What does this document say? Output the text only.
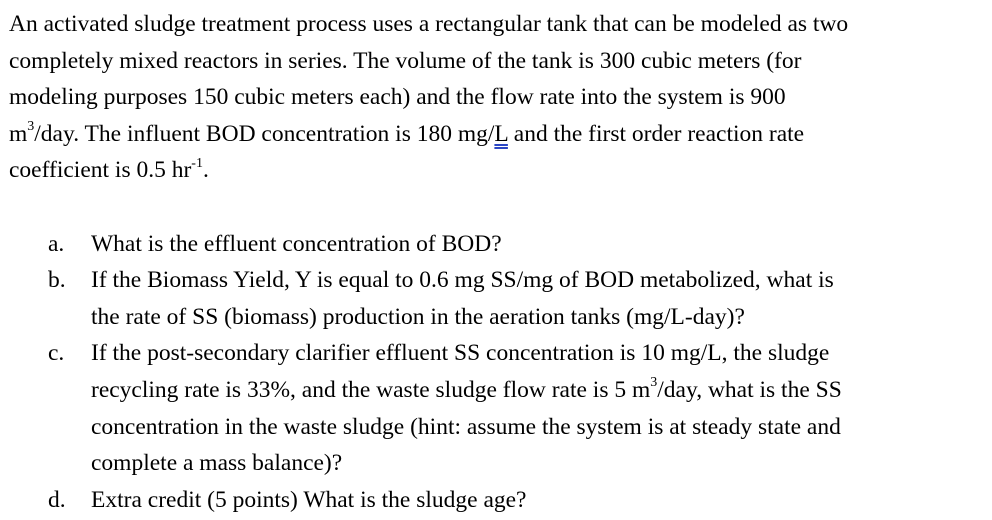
An activated sludge treatment process uses a rectangular tank that can be modeled as two
completely mixed reactors in series. The volume of the tank is 300 cubic meters (for
modeling purposes 150 cubic meters each) and the flow rate into the system is 900
$m^3$/day. The influent BOD concentration is 180 mg/L and the first order reaction rate
coefficient is 0.5 $hr^{-1}$.
a. What is the effluent concentration of BOD?
b. If the Biomass Yield, Y is equal to 0.6 mg SS/mg of BOD metabolized, what is
the rate of SS (biomass) production in the aeration tanks (mg/L-day)?
c. If the post-secondary clarifier effluent SS concentration is 10 mg/L, the sludge
recycling rate is 33%, and the waste sludge flow rate is 5 $m^3$/day, what is the SS
concentration in the waste sludge (hint: assume the system is at steady state and
complete a mass balance)?
d. Extra credit (5 points) What is the sludge age?
